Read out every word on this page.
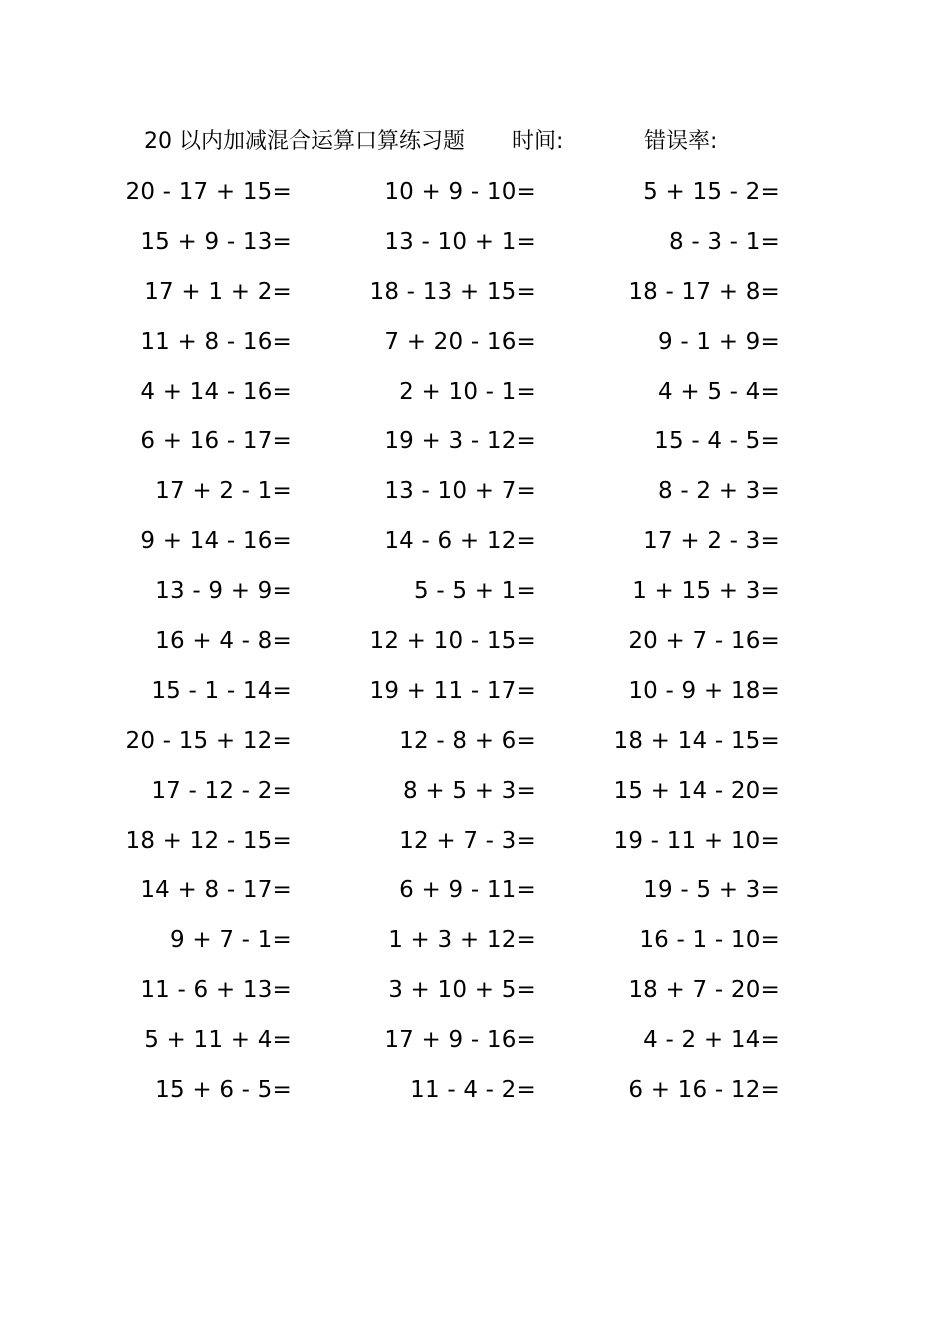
20 以内加减混合运算口算练习题 时间:	错误率:
20 - 17 + 15=	10 + 9 - 10=	5 + 15 - 2=
15 + 9 - 13=	13 - 10 + 1=	8 - 3 - 1=
17 + 1 + 2=	18 - 13 + 15=	18 - 17 + 8=
11 + 8 - 16=	7 + 20 - 16=	9 - 1 + 9=
4 + 14 - 16=	2 + 10 - 1=	4 + 5 - 4=
6 + 16 - 17=	19 + 3 - 12=	15 - 4 - 5=
17 + 2 - 1=	13 - 10 + 7=	8 - 2 + 3=
9 + 14 - 16=	14 - 6 + 12=	17 + 2 - 3=
13 - 9 + 9=	5 - 5 + 1=	1 + 15 + 3=
16 + 4 - 8=	12 + 10 - 15=	20 + 7 - 16=
15 - 1 - 14=	19 + 11 - 17=	10 - 9 + 18=
20 - 15 + 12=	12 - 8 + 6=	18 + 14 - 15=
17 - 12 - 2=	8 + 5 + 3=	15 + 14 - 20=
18 + 12 - 15=	12 + 7 - 3=	19 - 11 + 10=
14 + 8 - 17=	6 + 9 - 11=	19 - 5 + 3=
9 + 7 - 1=	1 + 3 + 12=	16 - 1 - 10=
11 - 6 + 13=	3 + 10 + 5=	18 + 7 - 20=
5 + 11 + 4=	17 + 9 - 16=	4 - 2 + 14=
15 + 6 - 5=	11 - 4 - 2=	6 + 16 - 12=
